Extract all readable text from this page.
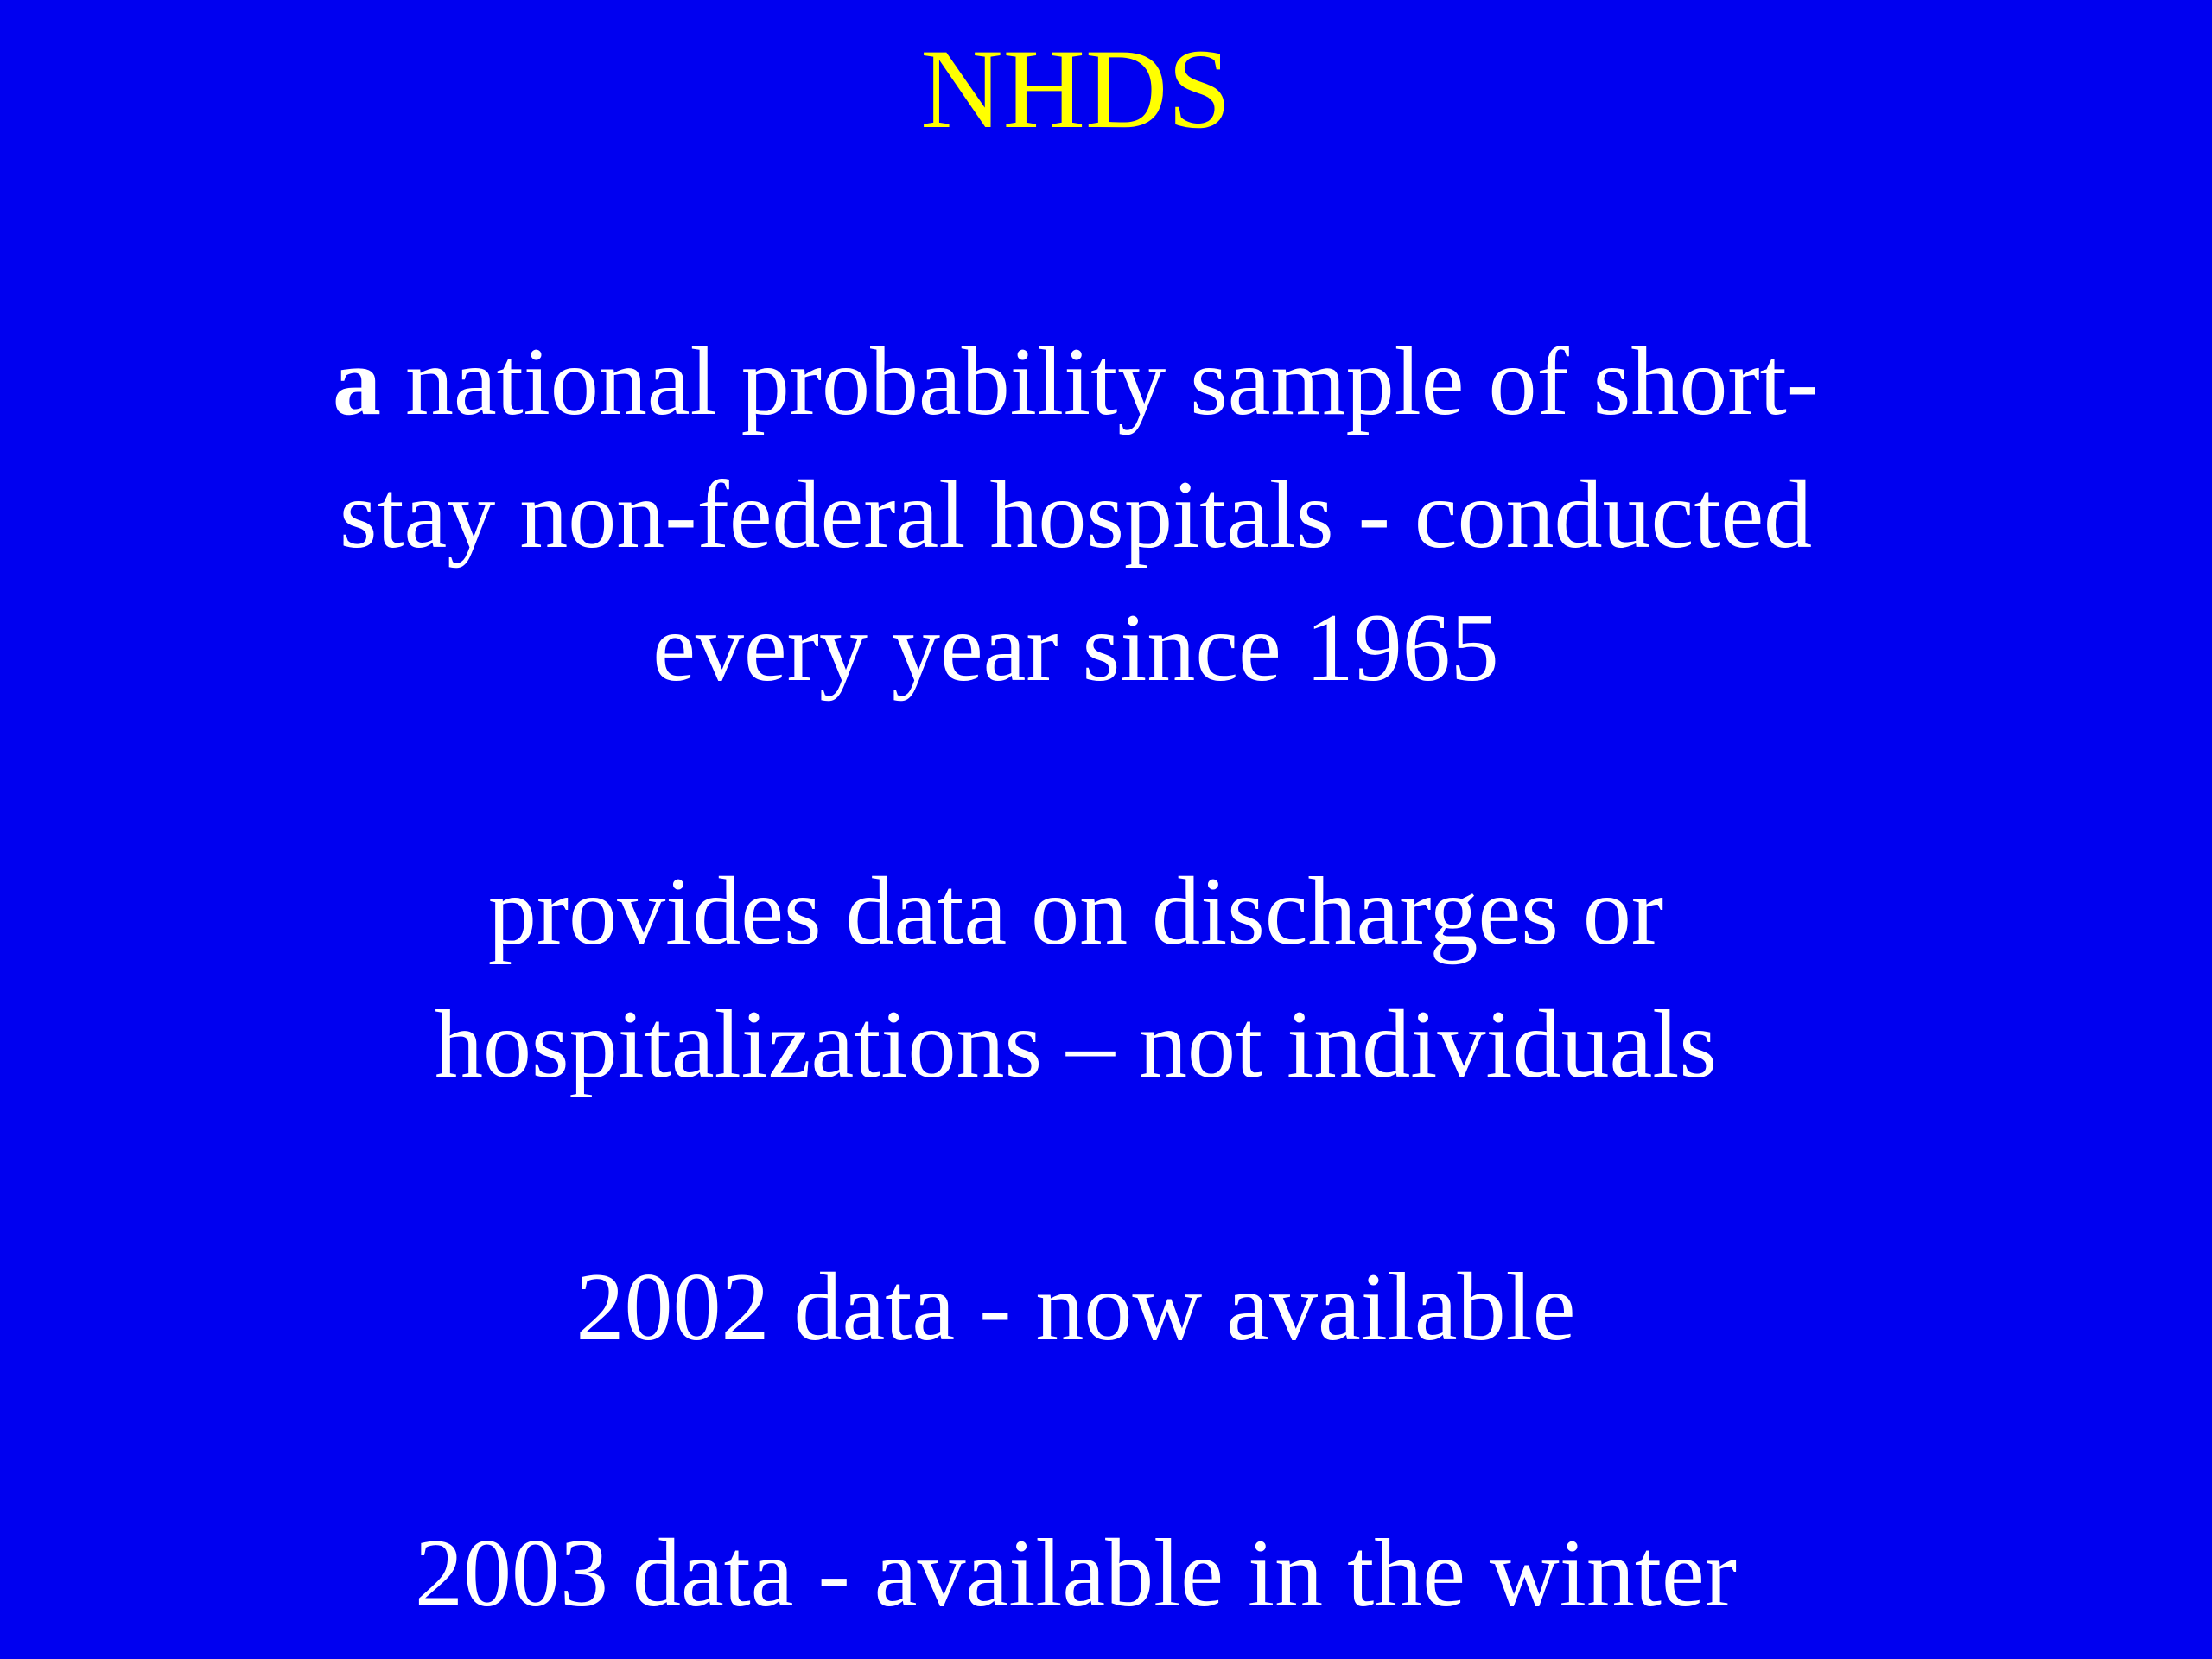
NHDS
a national probability sample of short-
stay non-federal hospitals - conducted
every year since 1965
provides data on discharges or
hospitalizations – not individuals
2002 data - now available
2003 data - available in the winter
